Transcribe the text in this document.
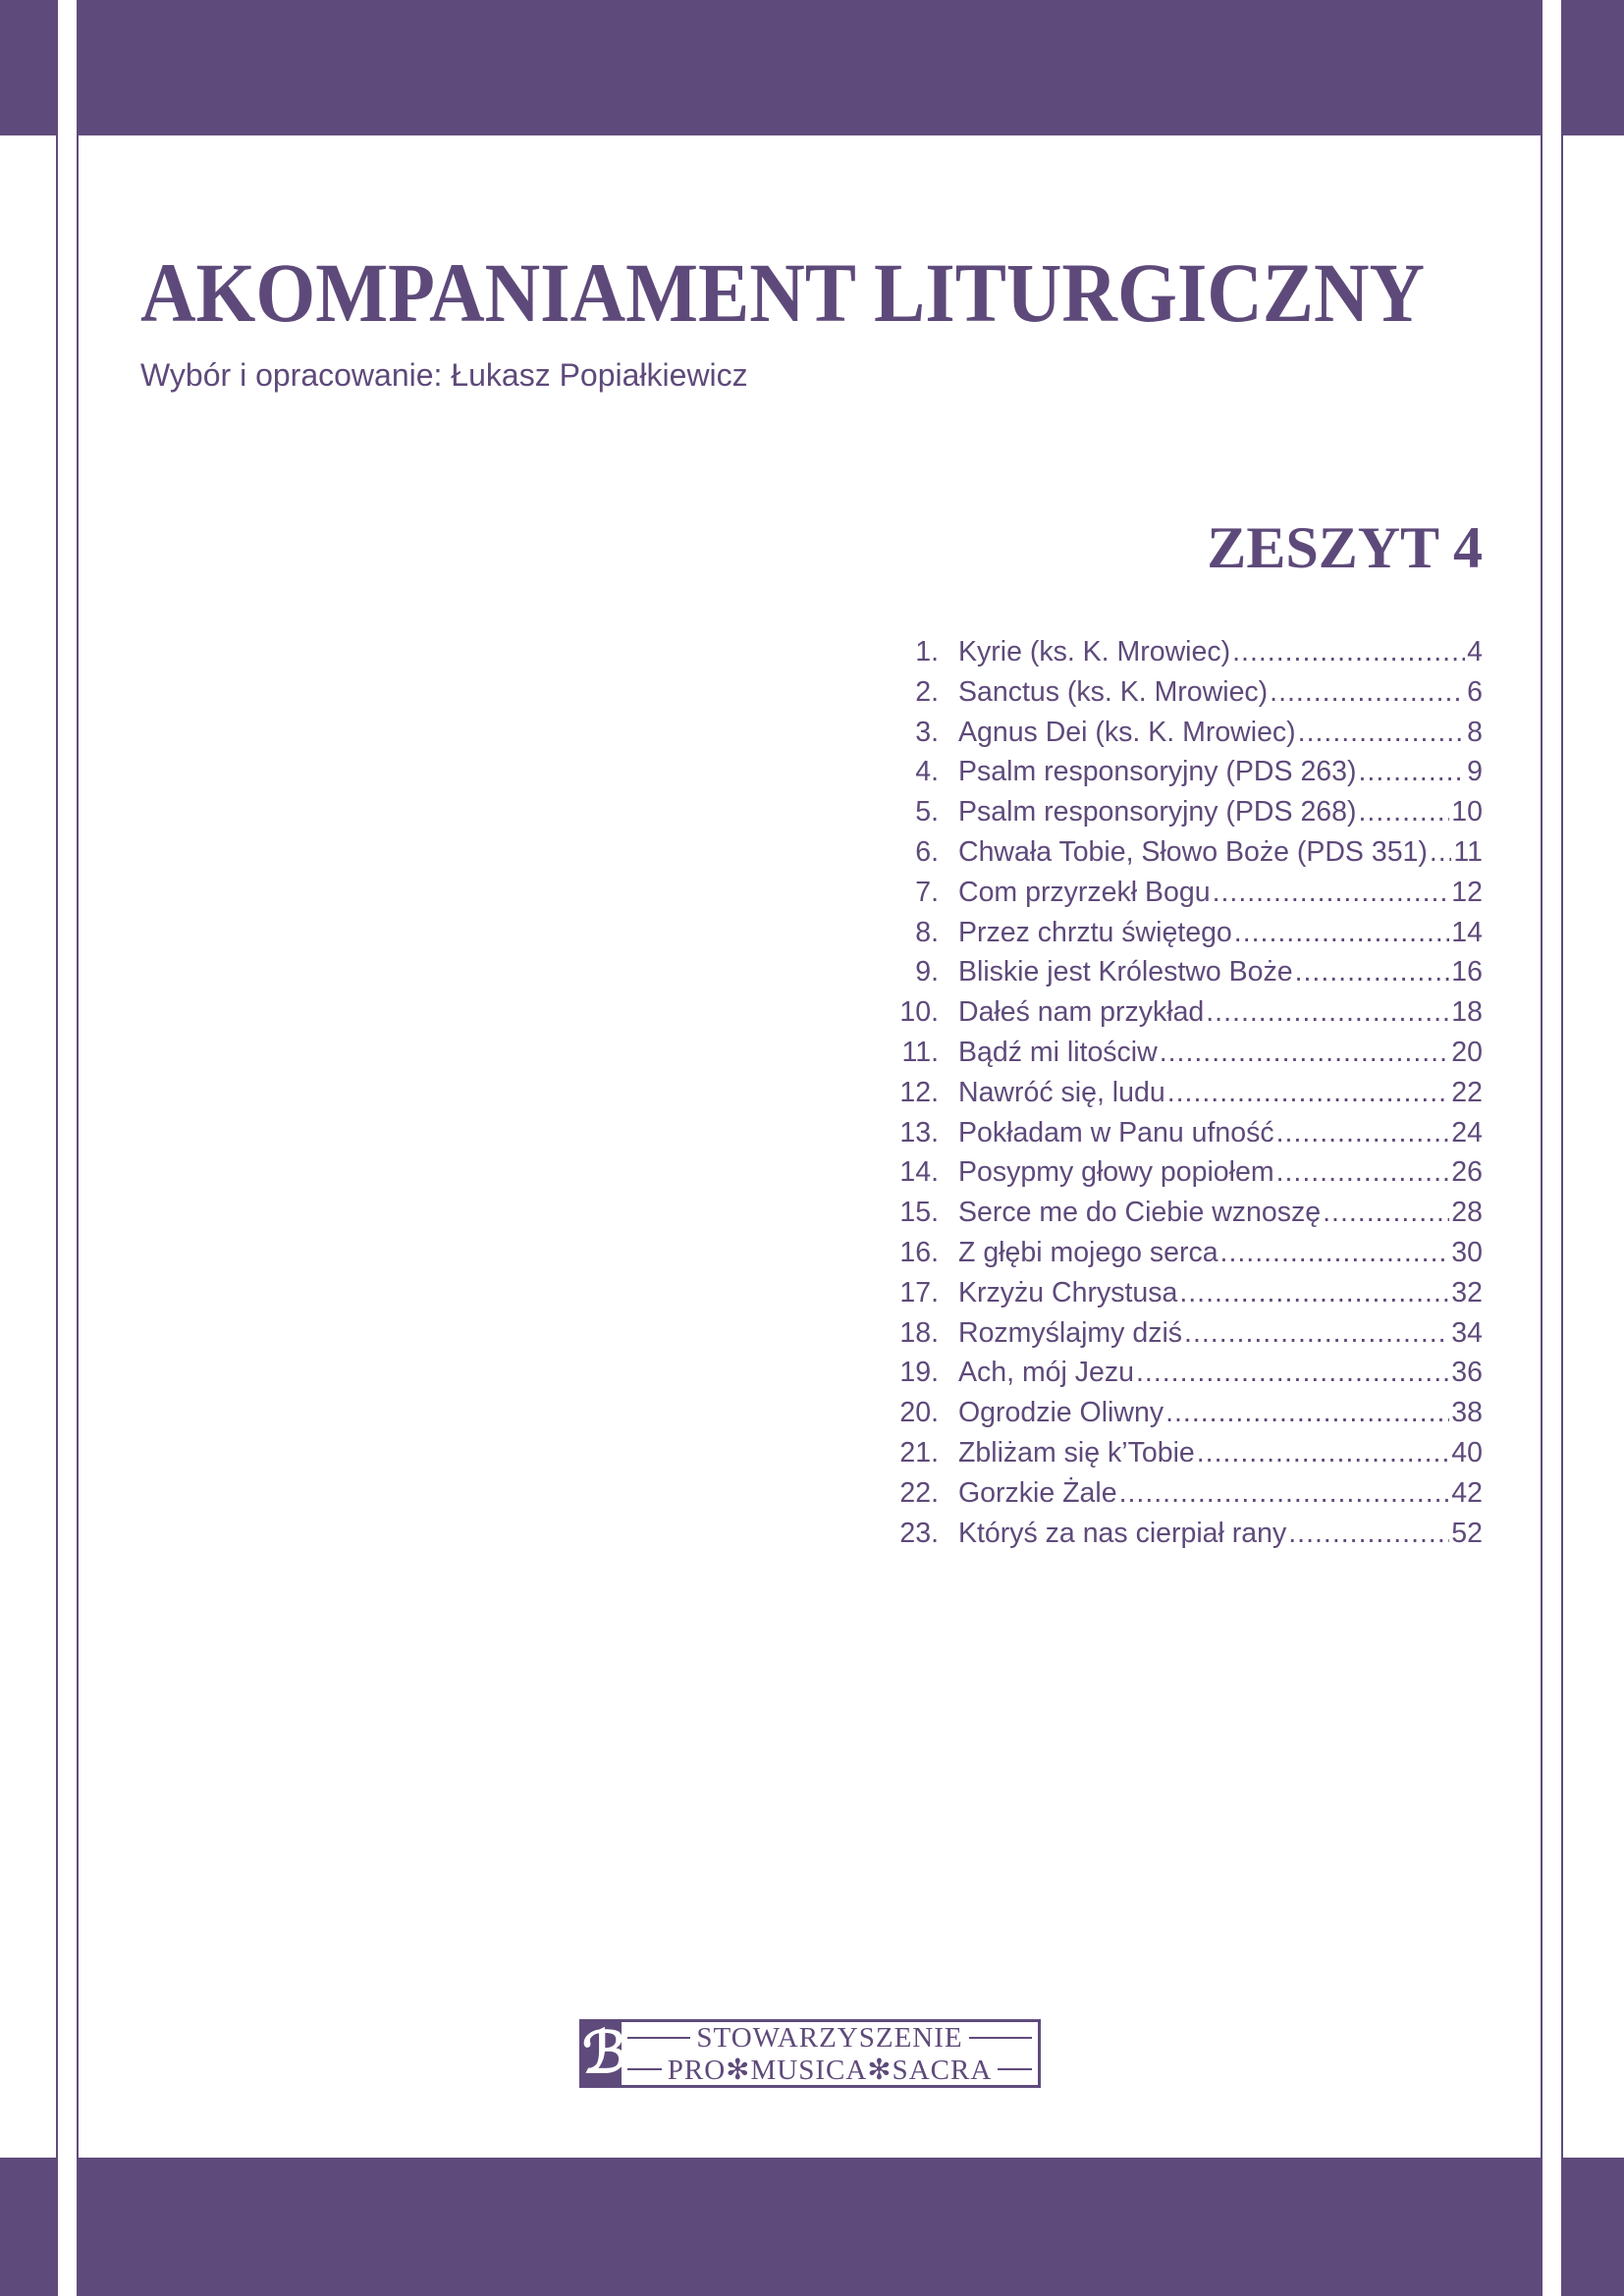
AKOMPANIAMENT LITURGICZNY
Wybór i opracowanie: Łukasz Popiałkiewicz
ZESZYT 4
1. Kyrie (ks. K. Mrowiec) .....	4
2. Sanctus (ks. K. Mrowiec) .....	6
3. Agnus Dei (ks. K. Mrowiec) .....	8
4. Psalm responsoryjny (PDS 263) .....	9
5. Psalm responsoryjny (PDS 268) .....	10
6. Chwała Tobie, Słowo Boże (PDS 351) ..... 11
7. Com przyrzekł Bogu .....	12
8. Przez chrztu świętego .....	14
9. Bliskie jest Królestwo Boże .....	16
10. Dałeś nam przykład .....	18
11. Bądź mi litościw .....	20
12. Nawróć się, ludu .....	22
13. Pokładam w Panu ufność .....	24
14. Posypmy głowy popiołem .....	26
15. Serce me do Ciebie wznoszę .....	28
16. Z głębi mojego serca .....	30
17. Krzyżu Chrystusa .....	32
18. Rozmyślajmy dziś .....	34
19. Ach, mój Jezu .....	36
20. Ogrodzie Oliwny .....	38
21. Zbliżam się k’Tobie .....	40
22. Gorzkie Żale .....	42
23. Któryś za nas cierpiał rany .....	52
ℬ STOWARZYSZENIE
PRO✻MUSICA✻SACRA
